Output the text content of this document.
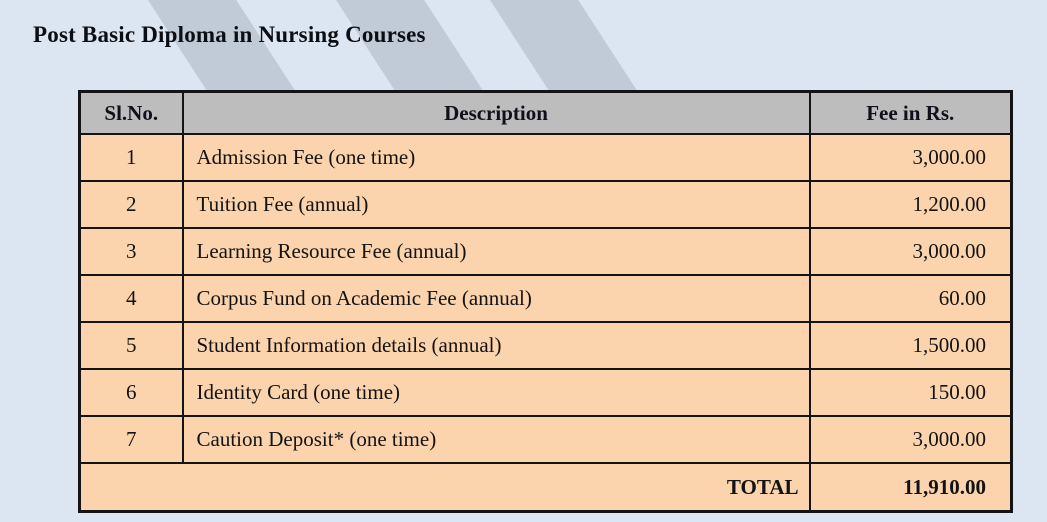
Post Basic Diploma in Nursing Courses
Sl.No.	Description	Fee in Rs.
1	Admission Fee (one time)	3,000.00
2	Tuition Fee (annual)	1,200.00
3	Learning Resource Fee (annual)	3,000.00
4	Corpus Fund on Academic Fee (annual)	60.00
5	Student Information details (annual)	1,500.00
6	Identity Card (one time)	150.00
7	Caution Deposit* (one time)	3,000.00
TOTAL		11,910.00
